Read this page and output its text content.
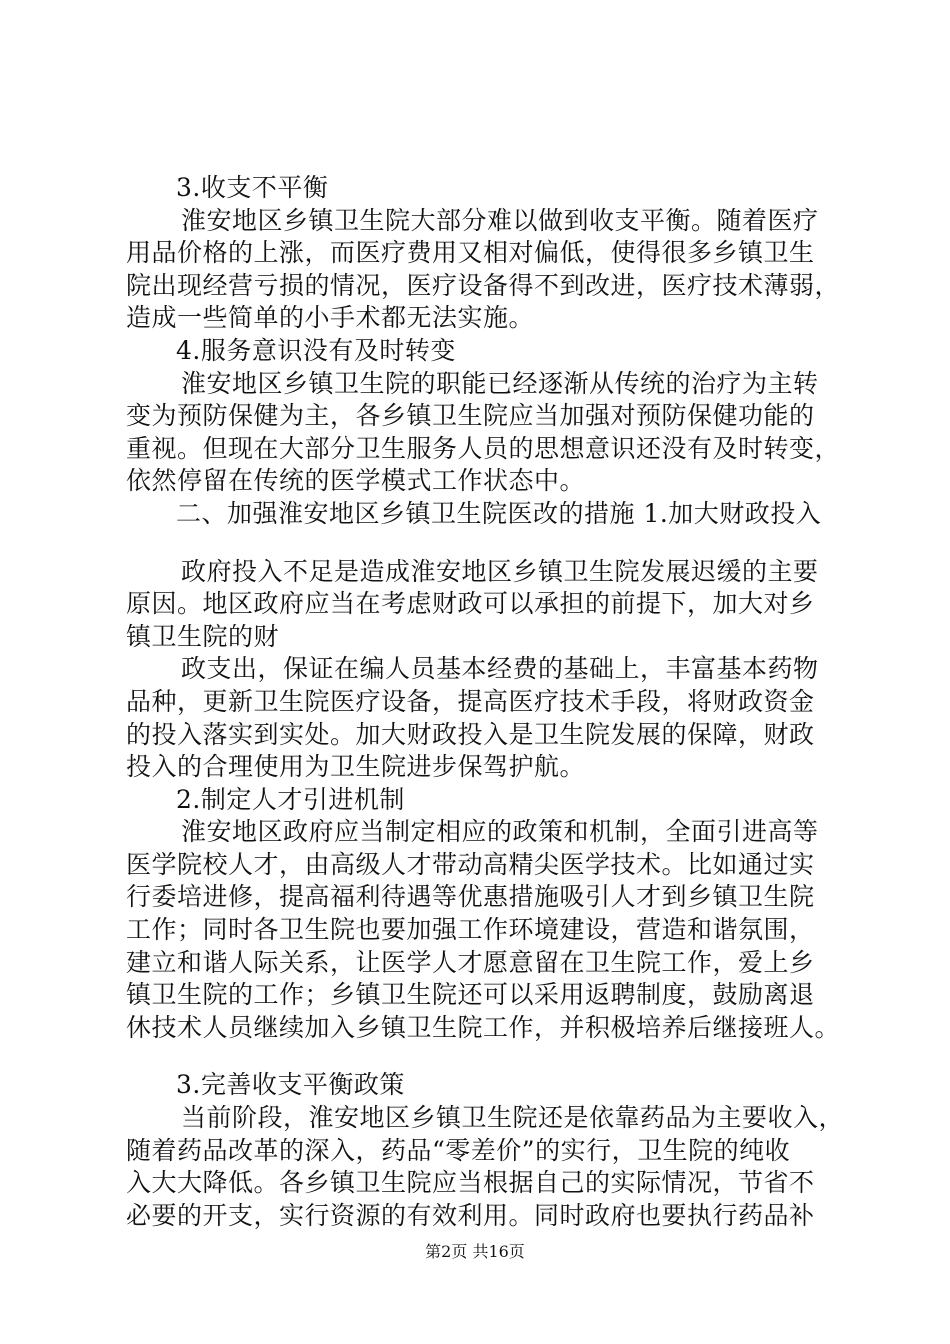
3.收支不平衡
淮安地区乡镇卫生院大部分难以做到收支平衡。随着医疗
用品价格的上涨，而医疗费用又相对偏低，使得很多乡镇卫生
院出现经营亏损的情况，医疗设备得不到改进，医疗技术薄弱，
造成一些简单的小手术都无法实施。
4.服务意识没有及时转变
淮安地区乡镇卫生院的职能已经逐渐从传统的治疗为主转
变为预防保健为主，各乡镇卫生院应当加强对预防保健功能的
重视。但现在大部分卫生服务人员的思想意识还没有及时转变，
依然停留在传统的医学模式工作状态中。
二、加强淮安地区乡镇卫生院医改的措施 1.加大财政投入
政府投入不足是造成淮安地区乡镇卫生院发展迟缓的主要
原因。地区政府应当在考虑财政可以承担的前提下，加大对乡
镇卫生院的财
政支出，保证在编人员基本经费的基础上，丰富基本药物
品种，更新卫生院医疗设备，提高医疗技术手段，将财政资金
的投入落实到实处。加大财政投入是卫生院发展的保障，财政
投入的合理使用为卫生院进步保驾护航。
2.制定人才引进机制
淮安地区政府应当制定相应的政策和机制，全面引进高等
医学院校人才，由高级人才带动高精尖医学技术。比如通过实
行委培进修，提高福利待遇等优惠措施吸引人才到乡镇卫生院
工作；同时各卫生院也要加强工作环境建设，营造和谐氛围，
建立和谐人际关系，让医学人才愿意留在卫生院工作，爱上乡
镇卫生院的工作；乡镇卫生院还可以采用返聘制度，鼓励离退
休技术人员继续加入乡镇卫生院工作，并积极培养后继接班人。
3.完善收支平衡政策
当前阶段，淮安地区乡镇卫生院还是依靠药品为主要收入，
随着药品改革的深入，药品“零差价”的实行，卫生院的纯收
入大大降低。各乡镇卫生院应当根据自己的实际情况，节省不
必要的开支，实行资源的有效利用。同时政府也要执行药品补
第2页 共16页
